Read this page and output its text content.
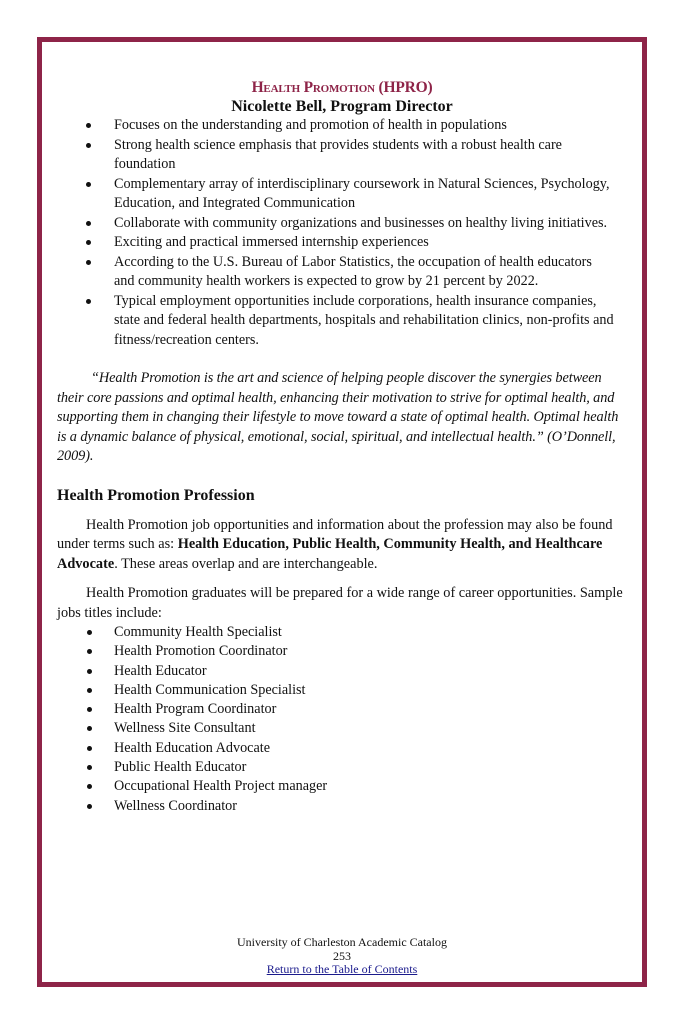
Health Promotion (HPRO)
Nicolette Bell, Program Director
Focuses on the understanding and promotion of health in populations
Strong health science emphasis that provides students with a robust health care foundation
Complementary array of interdisciplinary coursework in Natural Sciences, Psychology, Education, and Integrated Communication
Collaborate with community organizations and businesses on healthy living initiatives.
Exciting and practical immersed internship experiences
According to the U.S. Bureau of Labor Statistics, the occupation of health educators and community health workers is expected to grow by 21 percent by 2022.
Typical employment opportunities include corporations, health insurance companies, state and federal health departments, hospitals and rehabilitation clinics, non-profits and fitness/recreation centers.
“Health Promotion is the art and science of helping people discover the synergies between their core passions and optimal health, enhancing their motivation to strive for optimal health, and supporting them in changing their lifestyle to move toward a state of optimal health. Optimal health is a dynamic balance of physical, emotional, social, spiritual, and intellectual health.” (O’Donnell, 2009).
Health Promotion Profession
Health Promotion job opportunities and information about the profession may also be found under terms such as: Health Education, Public Health, Community Health, and Healthcare Advocate. These areas overlap and are interchangeable.
Health Promotion graduates will be prepared for a wide range of career opportunities. Sample jobs titles include:
Community Health Specialist
Health Promotion Coordinator
Health Educator
Health Communication Specialist
Health Program Coordinator
Wellness Site Consultant
Health Education Advocate
Public Health Educator
Occupational Health Project manager
Wellness Coordinator
University of Charleston Academic Catalog
253
Return to the Table of Contents
